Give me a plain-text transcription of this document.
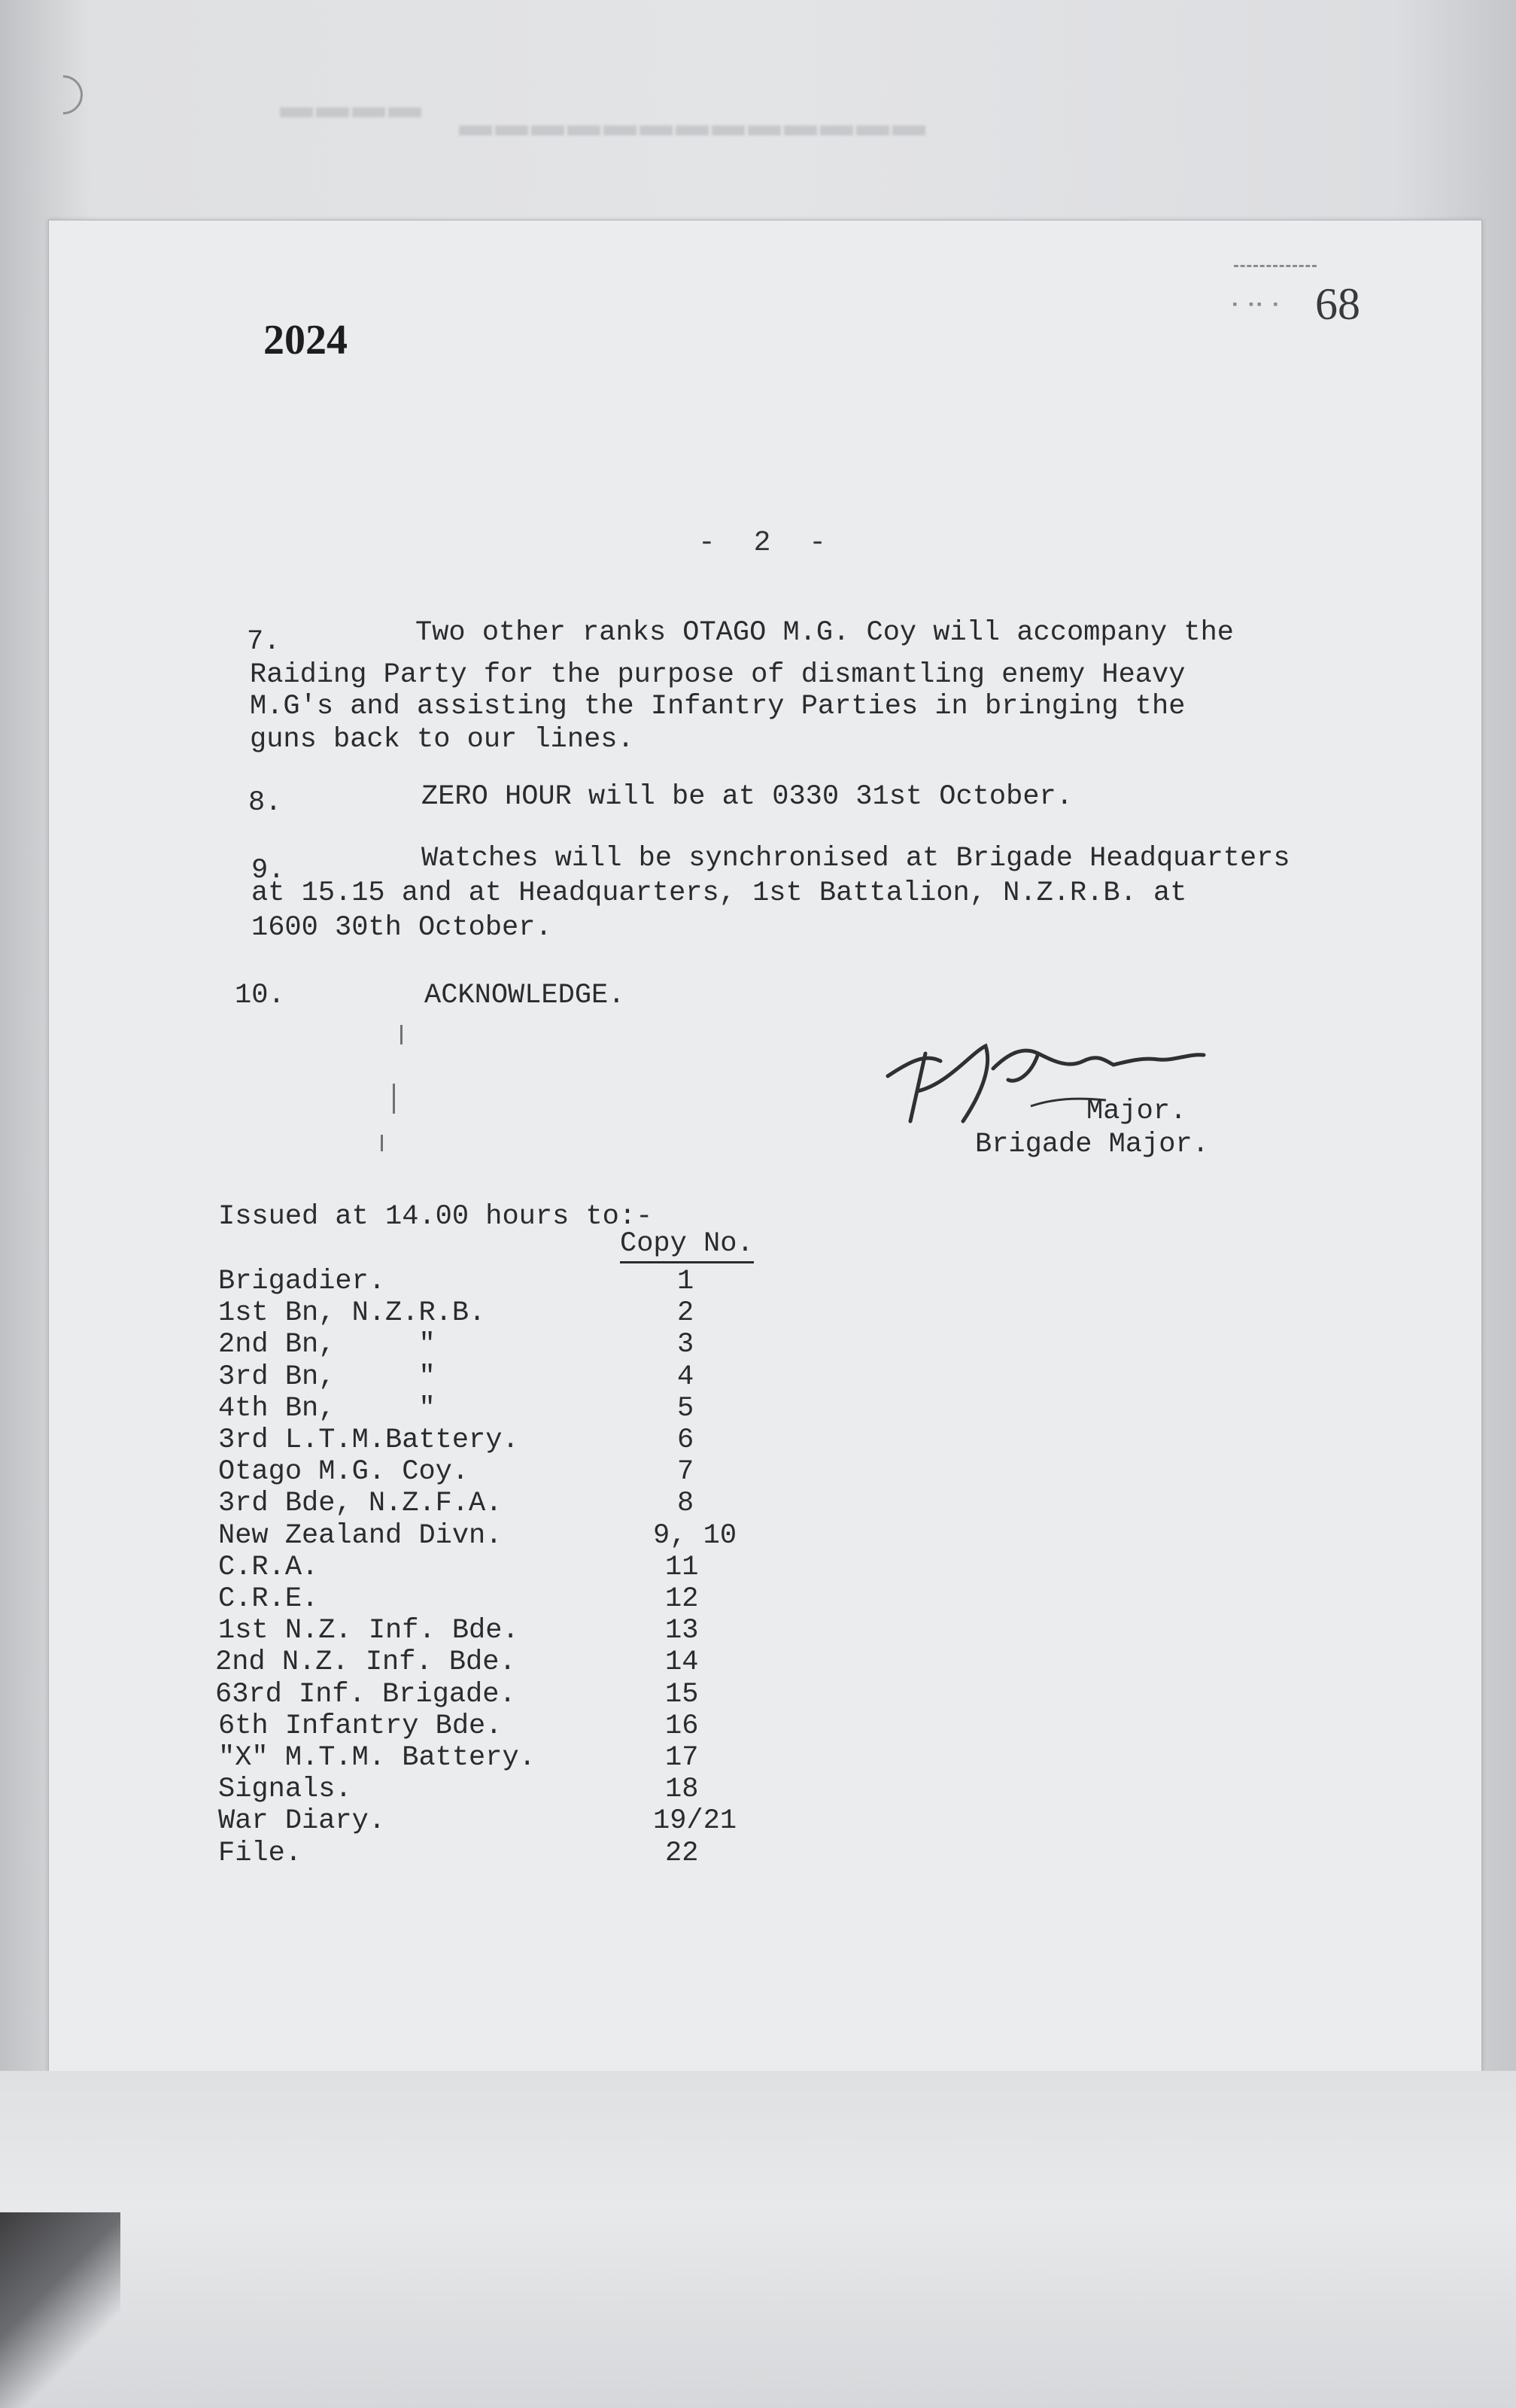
▬▬▬▬ ▬▬▬▬▬▬▬▬▬▬▬▬▬
2024
▪ ▪▪ ▪ 68
- 2 -
7.	Two other ranks OTAGO M.G. Coy will accompany the
Raiding Party for the purpose of dismantling enemy Heavy
M.G's and assisting the Infantry Parties in bringing the
guns back to our lines.
8.	ZERO HOUR will be at 0330 31st October.
9.	Watches will be synchronised at Brigade Headquarters
at 15.15 and at Headquarters, 1st Battalion, N.Z.R.B. at
1600 30th October.
10.	ACKNOWLEDGE.
Major.
Brigade Major.
Issued at 14.00 hours to:-
Copy No.
Brigadier.	1
1st Bn, N.Z.R.B.	2
2nd Bn,     "	3
3rd Bn,     "	4
4th Bn,     "	5
3rd L.T.M.Battery.	6
Otago M.G. Coy.	7
3rd Bde, N.Z.F.A.	8
New Zealand Divn.	9, 10
C.R.A.	11
C.R.E.	12
1st N.Z. Inf. Bde.	13
2nd N.Z. Inf. Bde.	14
63rd Inf. Brigade.	15
6th Infantry Bde.	16
"X" M.T.M. Battery.	17
Signals.	18
War Diary.	19/21
File.	22
